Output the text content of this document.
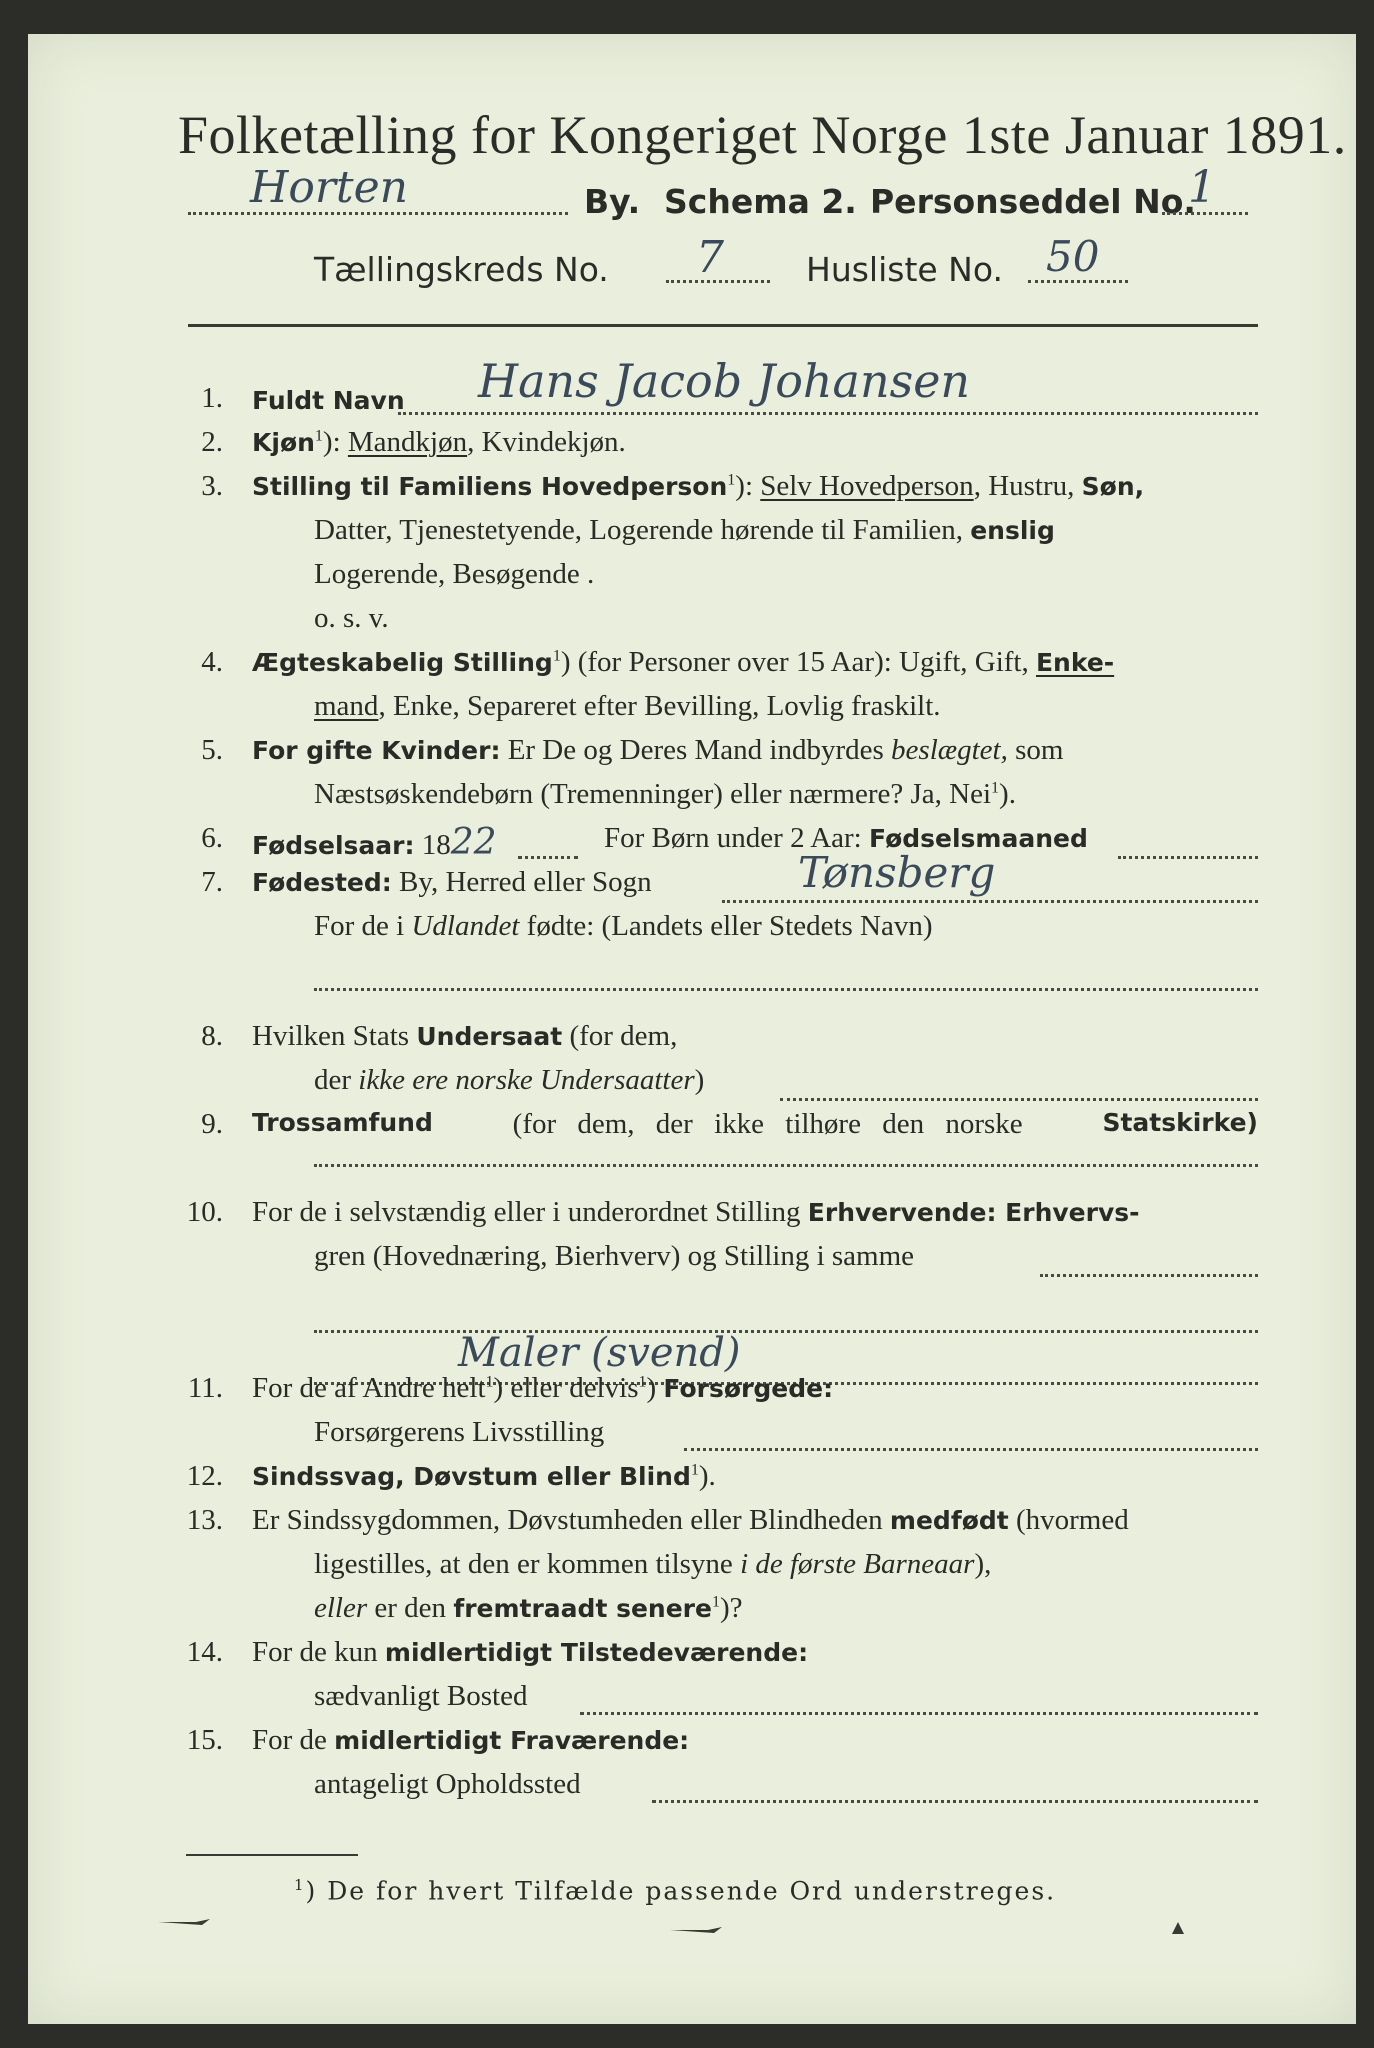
Folketælling for Kongeriget Norge 1ste Januar 1891.
Horten	By. Schema 2. Personseddel No.
1
Tællingskreds No. 7 Husliste No. 50
1. Fuldt Navn Hans Jacob Johansen
2. Kjøn$^1$): Mandkjøn, Kvindekjøn.
3. Stilling til Familiens Hovedperson$^1$): Selv Hovedperson, Hustru, Søn,
Datter, Tjenestetyende, Logerende hørende til Familien, enslig
Logerende, Besøgende .
o. s. v.
4. Ægteskabelig Stilling$^1$) (for Personer over 15 Aar): Ugift, Gift, Enke-
mand, Enke, Separeret efter Bevilling, Lovlig fraskilt.
5. For gifte Kvinder: Er De og Deres Mand indbyrdes beslægtet, som
Næstsøskendebørn (Tremenninger) eller nærmere? Ja, Nei$^1$).
6. Fødselsaar: 1822	For Børn under 2 Aar: Fødselsmaaned
7. Fødested: By, Herred eller Sogn	Tønsberg
For de i Udlandet fødte: (Landets eller Stedets Navn)
8. Hvilken Stats Undersaat (for dem,
der ikke ere norske Undersaatter)
9. Trossamfund	(for dem, der ikke tilhøre den norske	Statskirke)
10. For de i selvstændig eller i underordnet Stilling Erhvervende: Erhvervs-
gren (Hovednæring, Bierhverv) og Stilling i samme
Maler (svend)
11. For de af Andre helt$^1$) eller delvis$^1$) Forsørgede:
Forsørgerens Livsstilling
12. Sindssvag, Døvstum eller Blind$^1$).
13. Er Sindssygdommen, Døvstumheden eller Blindheden medfødt (hvormed
ligestilles, at den er kommen tilsyne i de første Barneaar),
eller er den fremtraadt senere$^1$)?
14. For de kun midlertidigt Tilstedeværende:
sædvanligt Bosted
15. For de midlertidigt Fraværende:
antageligt Opholdssted
$^1$) De for hvert Tilfælde passende Ord understreges.
